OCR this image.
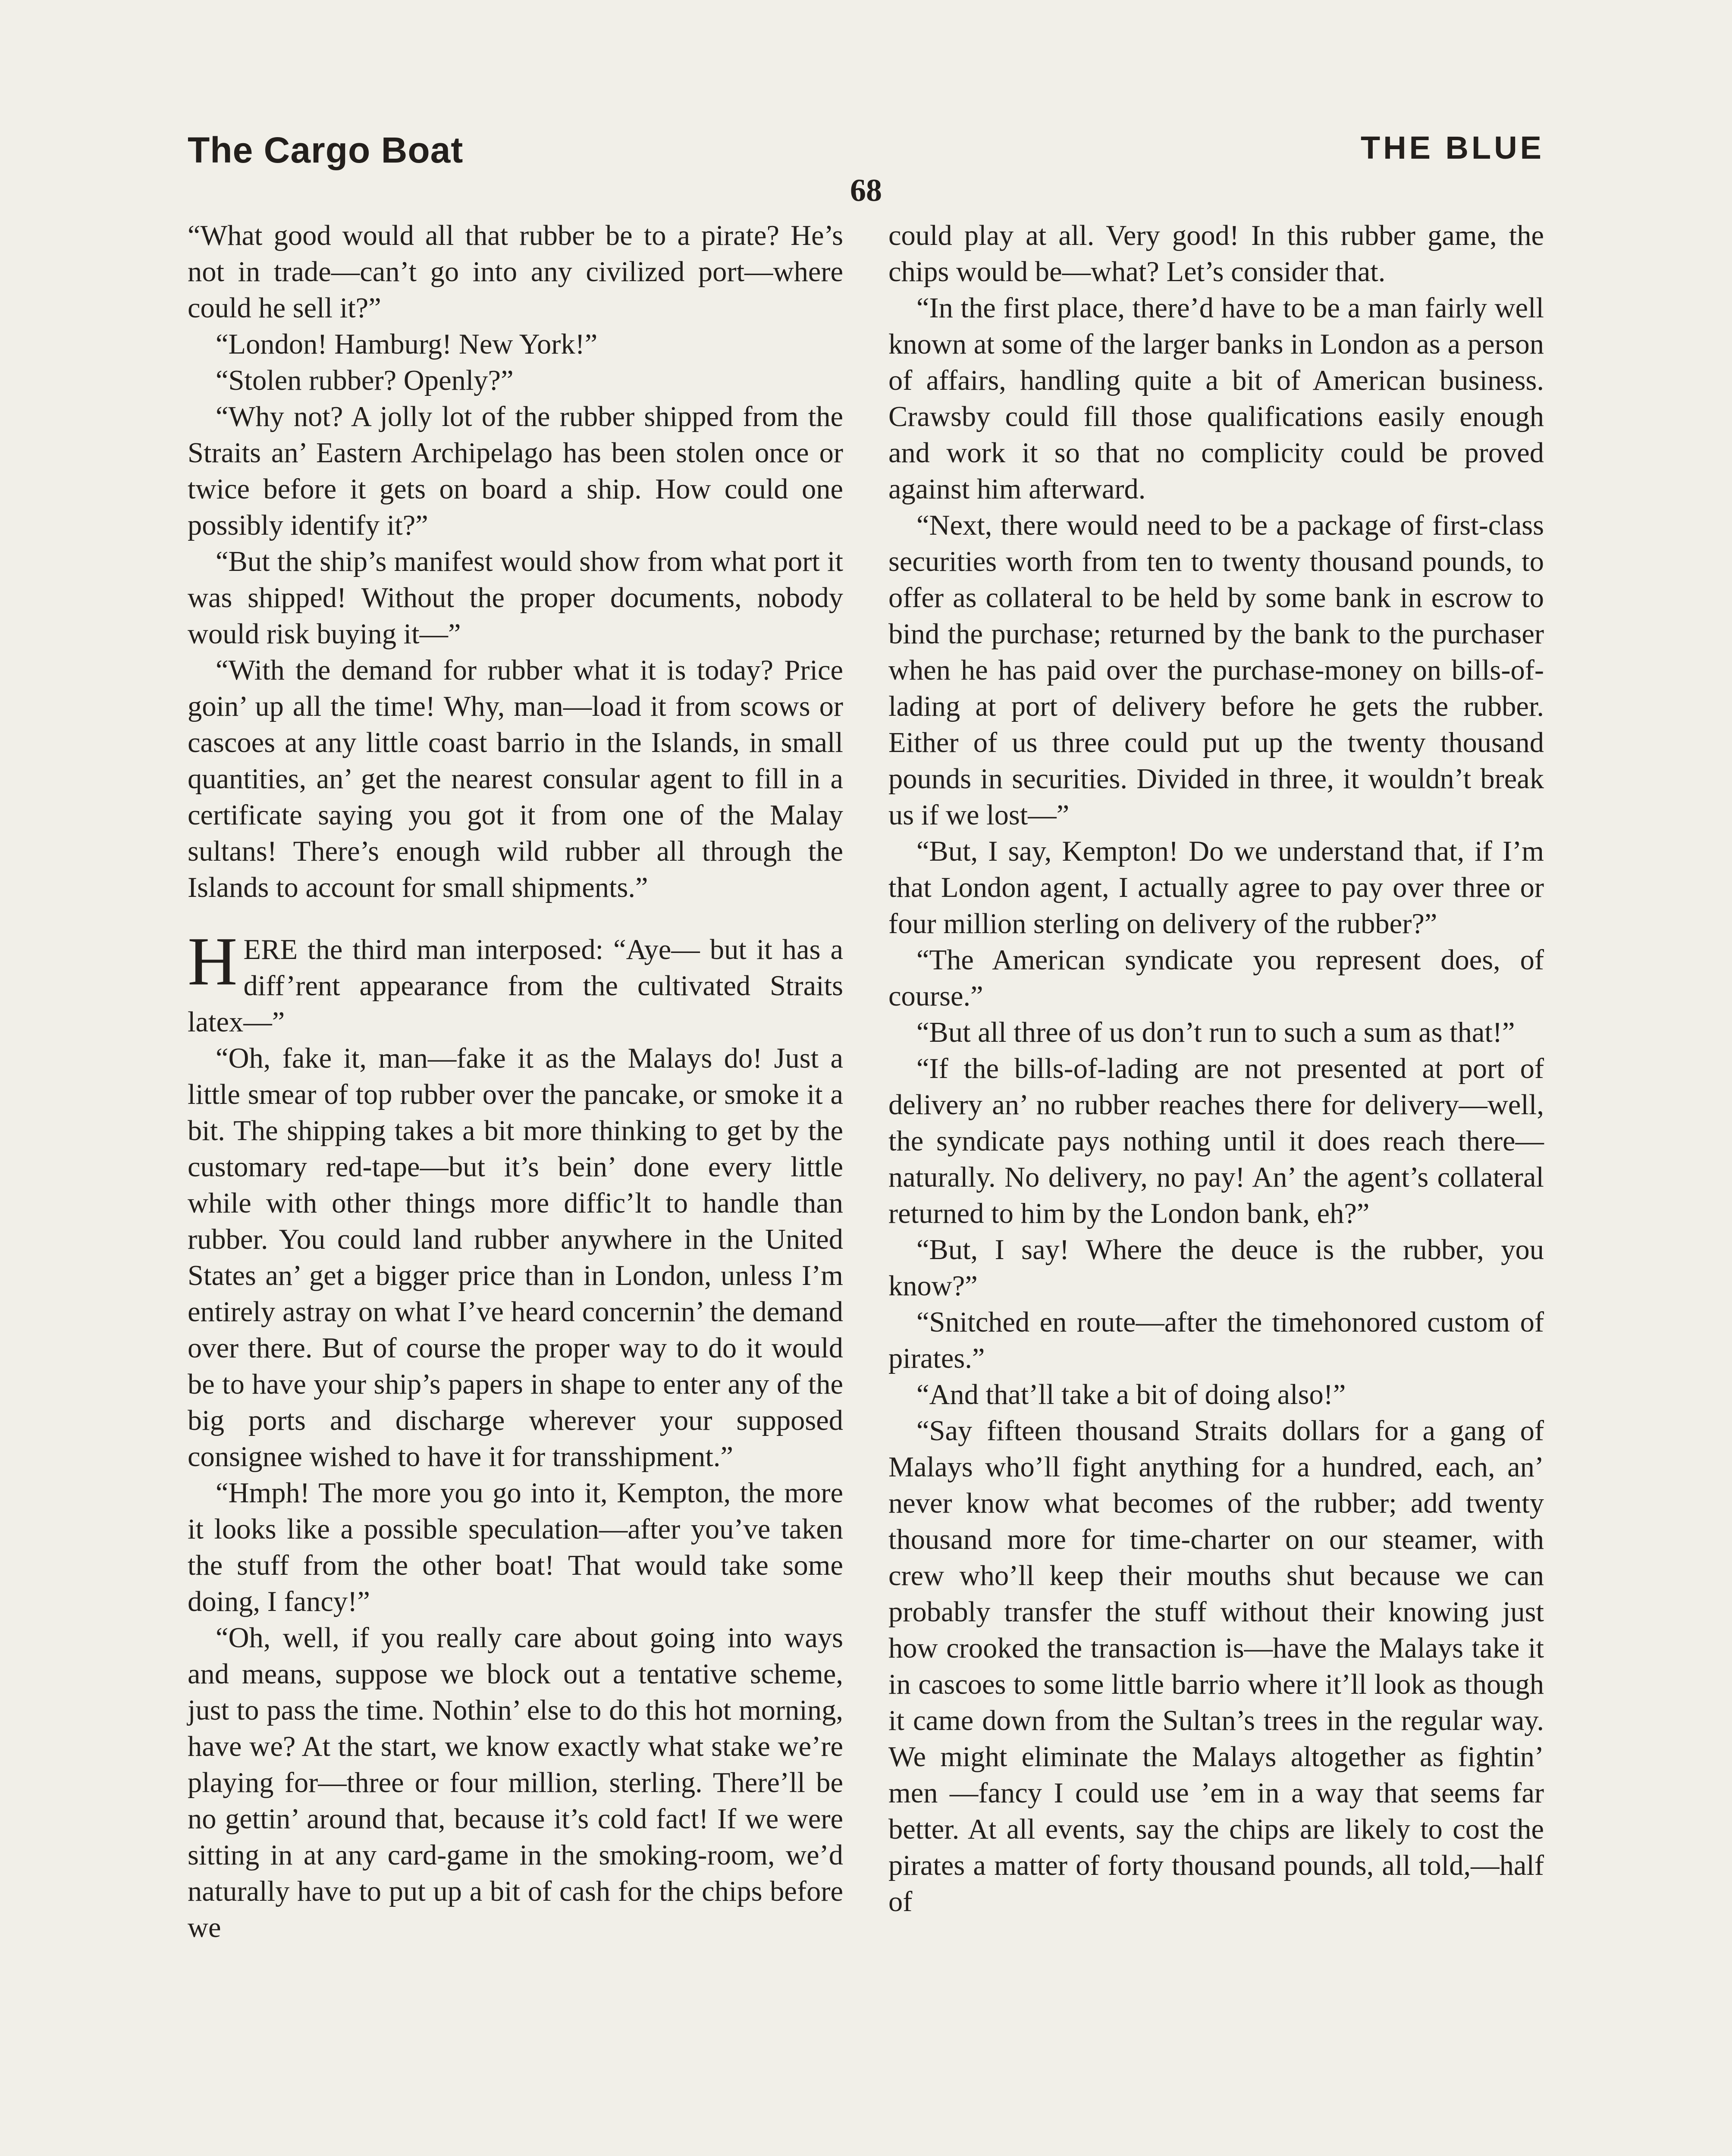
The Cargo Boat	THE BLUE
68

“What good would all that rubber be to a pirate? He’s not in trade—can’t go into any civilized port—where could he sell it?”

“London! Hamburg! New York!”

“Stolen rubber? Openly?”

“Why not? A jolly lot of the rubber shipped from the Straits an’ Eastern Archipelago has been stolen once or twice before it gets on board a ship. How could one possibly identify it?”

“But the ship’s manifest would show from what port it was shipped! Without the proper documents, nobody would risk buying it—”

“With the demand for rubber what it is today? Price goin’ up all the time! Why, man—load it from scows or cascoes at any little coast barrio in the Islands, in small quantities, an’ get the nearest consular agent to fill in a certificate saying you got it from one of the Malay sultans! There’s enough wild rubber all through the Islands to account for small shipments.”

HERE the third man interposed: “Aye— but it has a diff’rent appearance from the cultivated Straits latex—”

“Oh, fake it, man—fake it as the Malays do! Just a little smear of top rubber over the pancake, or smoke it a bit. The shipping takes a bit more thinking to get by the customary red-tape—but it’s bein’ done every little while with other things more diffic’lt to handle than rubber. You could land rubber anywhere in the United States an’ get a bigger price than in London, unless I’m entirely astray on what I’ve heard concernin’ the demand over there. But of course the proper way to do it would be to have your ship’s papers in shape to enter any of the big ports and discharge wherever your supposed consignee wished to have it for transshipment.”

“Hmph! The more you go into it, Kempton, the more it looks like a possible speculation—after you’ve taken the stuff from the other boat! That would take some doing, I fancy!”

“Oh, well, if you really care about going into ways and means, suppose we block out a tentative scheme, just to pass the time. Nothin’ else to do this hot morning, have we? At the start, we know exactly what stake we’re playing for—three or four million, sterling. There’ll be no gettin’ around that, because it’s cold fact! If we were sitting in at any card-game in the smoking-room, we’d naturally have to put up a bit of cash for the chips before we

could play at all. Very good! In this rubber game, the chips would be—what? Let’s consider that.

“In the first place, there’d have to be a man fairly well known at some of the larger banks in London as a person of affairs, handling quite a bit of American business. Crawsby could fill those qualifications easily enough and work it so that no complicity could be proved against him afterward.

“Next, there would need to be a package of first-class securities worth from ten to twenty thousand pounds, to offer as collateral to be held by some bank in escrow to bind the purchase; returned by the bank to the purchaser when he has paid over the purchase-money on bills-of-lading at port of delivery before he gets the rubber. Either of us three could put up the twenty thousand pounds in securities. Divided in three, it wouldn’t break us if we lost—”

“But, I say, Kempton! Do we understand that, if I’m that London agent, I actually agree to pay over three or four million sterling on delivery of the rubber?”

“The American syndicate you represent does, of course.”

“But all three of us don’t run to such a sum as that!”

“If the bills-of-lading are not presented at port of delivery an’ no rubber reaches there for delivery—well, the syndicate pays nothing until it does reach there— naturally. No delivery, no pay! An’ the agent’s collateral returned to him by the London bank, eh?”

“But, I say! Where the deuce is the rubber, you know?”

“Snitched en route—after the timehonored custom of pirates.”

“And that’ll take a bit of doing also!”

“Say fifteen thousand Straits dollars for a gang of Malays who’ll fight anything for a hundred, each, an’ never know what becomes of the rubber; add twenty thousand more for time-charter on our steamer, with crew who’ll keep their mouths shut because we can probably transfer the stuff without their knowing just how crooked the transaction is—have the Malays take it in cascoes to some little barrio where it’ll look as though it came down from the Sultan’s trees in the regular way. We might eliminate the Malays altogether as fightin’ men —fancy I could use ’em in a way that seems far better. At all events, say the chips are likely to cost the pirates a matter of forty thousand pounds, all told,—half of
